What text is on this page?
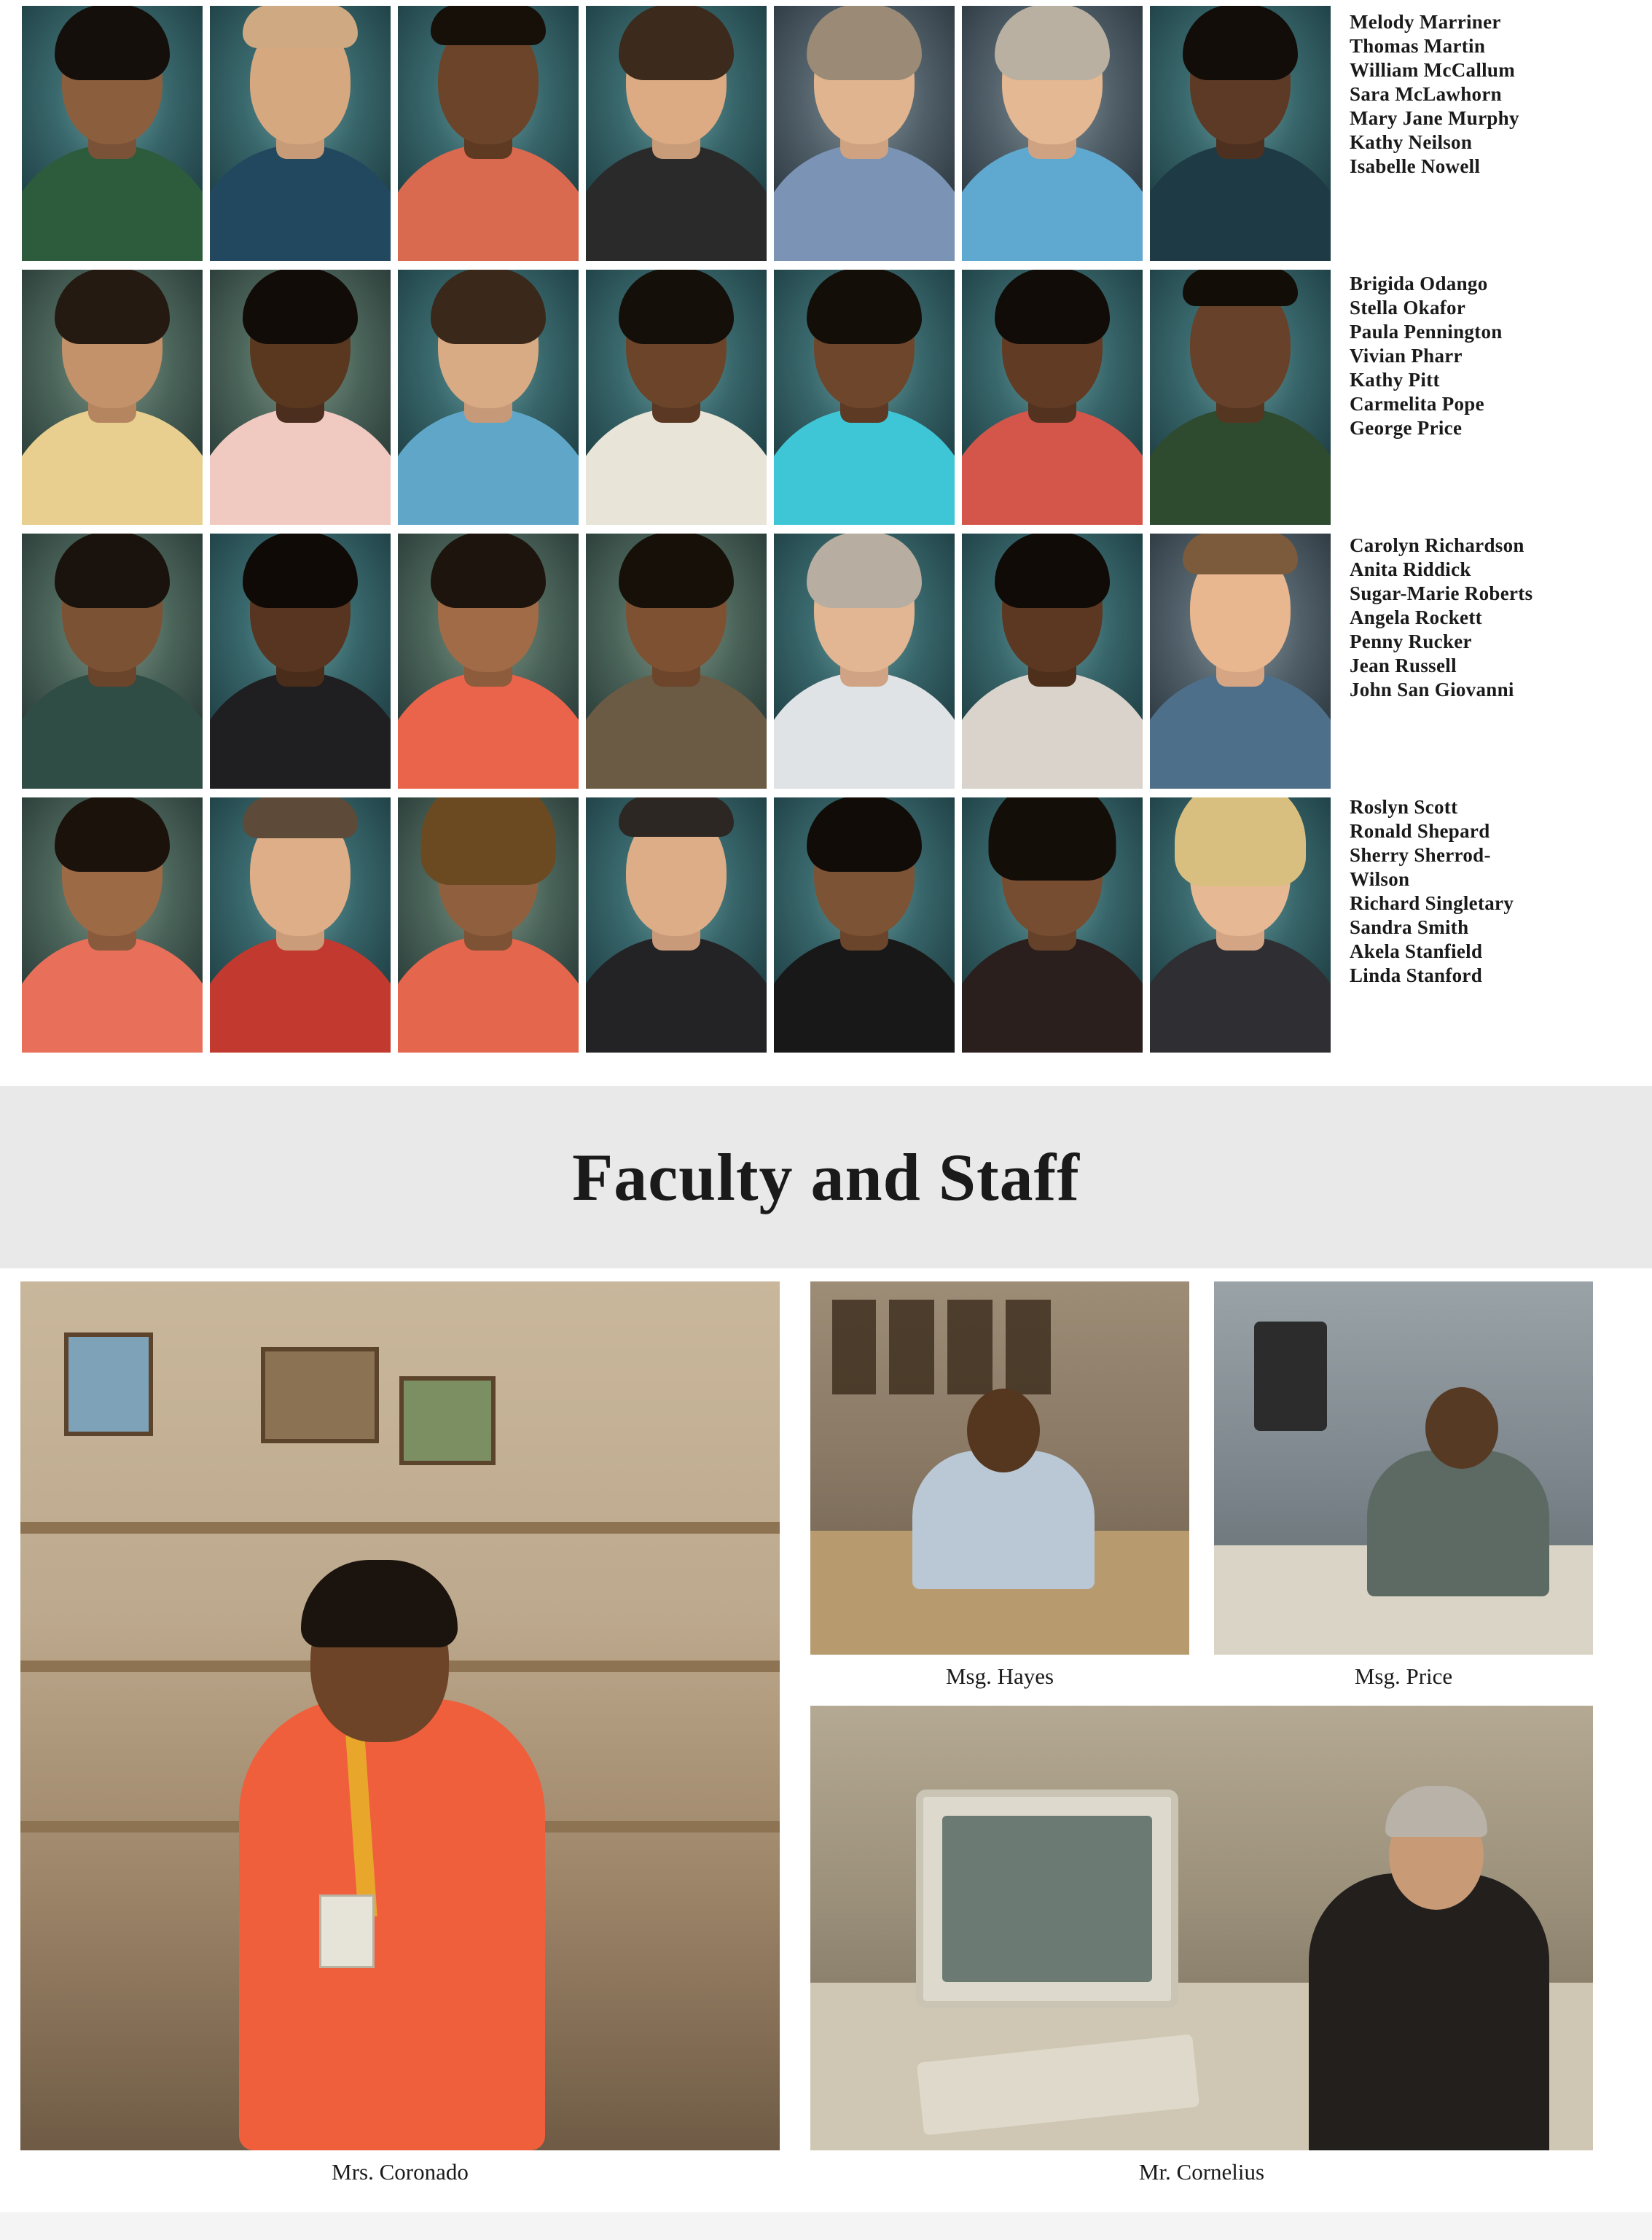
Melody Marriner
Thomas Martin
William McCallum
Sara McLawhorn
Mary Jane Murphy
Kathy Neilson
Isabelle Nowell
Brigida Odango
Stella Okafor
Paula Pennington
Vivian Pharr
Kathy Pitt
Carmelita Pope
George Price
Carolyn Richardson
Anita Riddick
Sugar-Marie Roberts
Angela Rockett
Penny Rucker
Jean Russell
John San Giovanni
Roslyn Scott
Ronald Shepard
Sherry Sherrod-
Wilson
Richard Singletary
Sandra Smith
Akela Stanfield
Linda Stanford
Faculty and Staff
Mrs. Coronado
Msg. Hayes	Msg. Price
Mr. Cornelius
